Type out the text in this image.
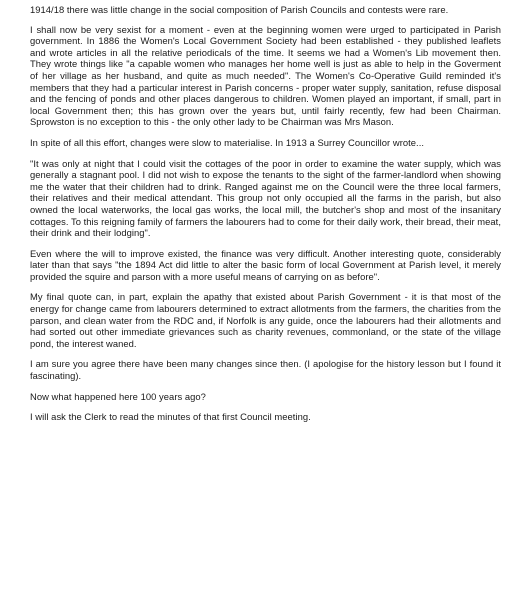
1914/18 there was little change in the social composition of Parish Councils and contests were rare.

I shall now be very sexist for a moment - even at the beginning women were urged to participated in Parish government. In 1886 the Women's Local Government Society had been established - they published leaflets and wrote articles in all the relative periodicals of the time. It seems we had a Women's Lib movement then. They wrote things like "a capable women who manages her home well is just as able to help in the Goverment of her village as her husband, and quite as much needed". The Women's Co-Operative Guild reminded it's members that they had a particular interest in Parish concerns - proper water supply, sanitation, refuse disposal and the fencing of ponds and other places dangerous to children. Women played an important, if small, part in local Government then; this has grown over the years but, until fairly recently, few had been Chairman. Sprowston is no exception to this - the only other lady to be Chairman was Mrs Mason.

In spite of all this effort, changes were slow to materialise. In 1913 a Surrey Councillor wrote...

"It was only at night that I could visit the cottages of the poor in order to examine the water supply, which was generally a stagnant pool. I did not wish to expose the tenants to the sight of the farmer-landlord when showing me the water that their children had to drink. Ranged against me on the Council were the three local farmers, their relatives and their medical attendant. This group not only occupied all the farms in the parish, but also owned the local waterworks, the local gas works, the local mill, the butcher's shop and most of the insanitary cottages. To this reigning family of farmers the labourers had to come for their daily work, their bread, their meat, their drink and their lodging".

Even where the will to improve existed, the finance was very difficult. Another interesting quote, considerably later than that says "the 1894 Act did little to alter the basic form of local Government at Parish level, it merely provided the squire and parson with a more useful means of carrying on as before".

My final quote can, in part, explain the apathy that existed about Parish Government - it is that most of the energy for change came from labourers determined to extract allotments from the farmers, the charities from the parson, and clean water from the RDC and, if Norfolk is any guide, once the labourers had their allotments and had sorted out other immediate grievances such as charity revenues, commonland, or the state of the village pond, the interest waned.

I am sure you agree there have been many changes since then. (I apologise for the history lesson but I found it fascinating).

Now what happened here 100 years ago?

I will ask the Clerk to read the minutes of that first Council meeting.
